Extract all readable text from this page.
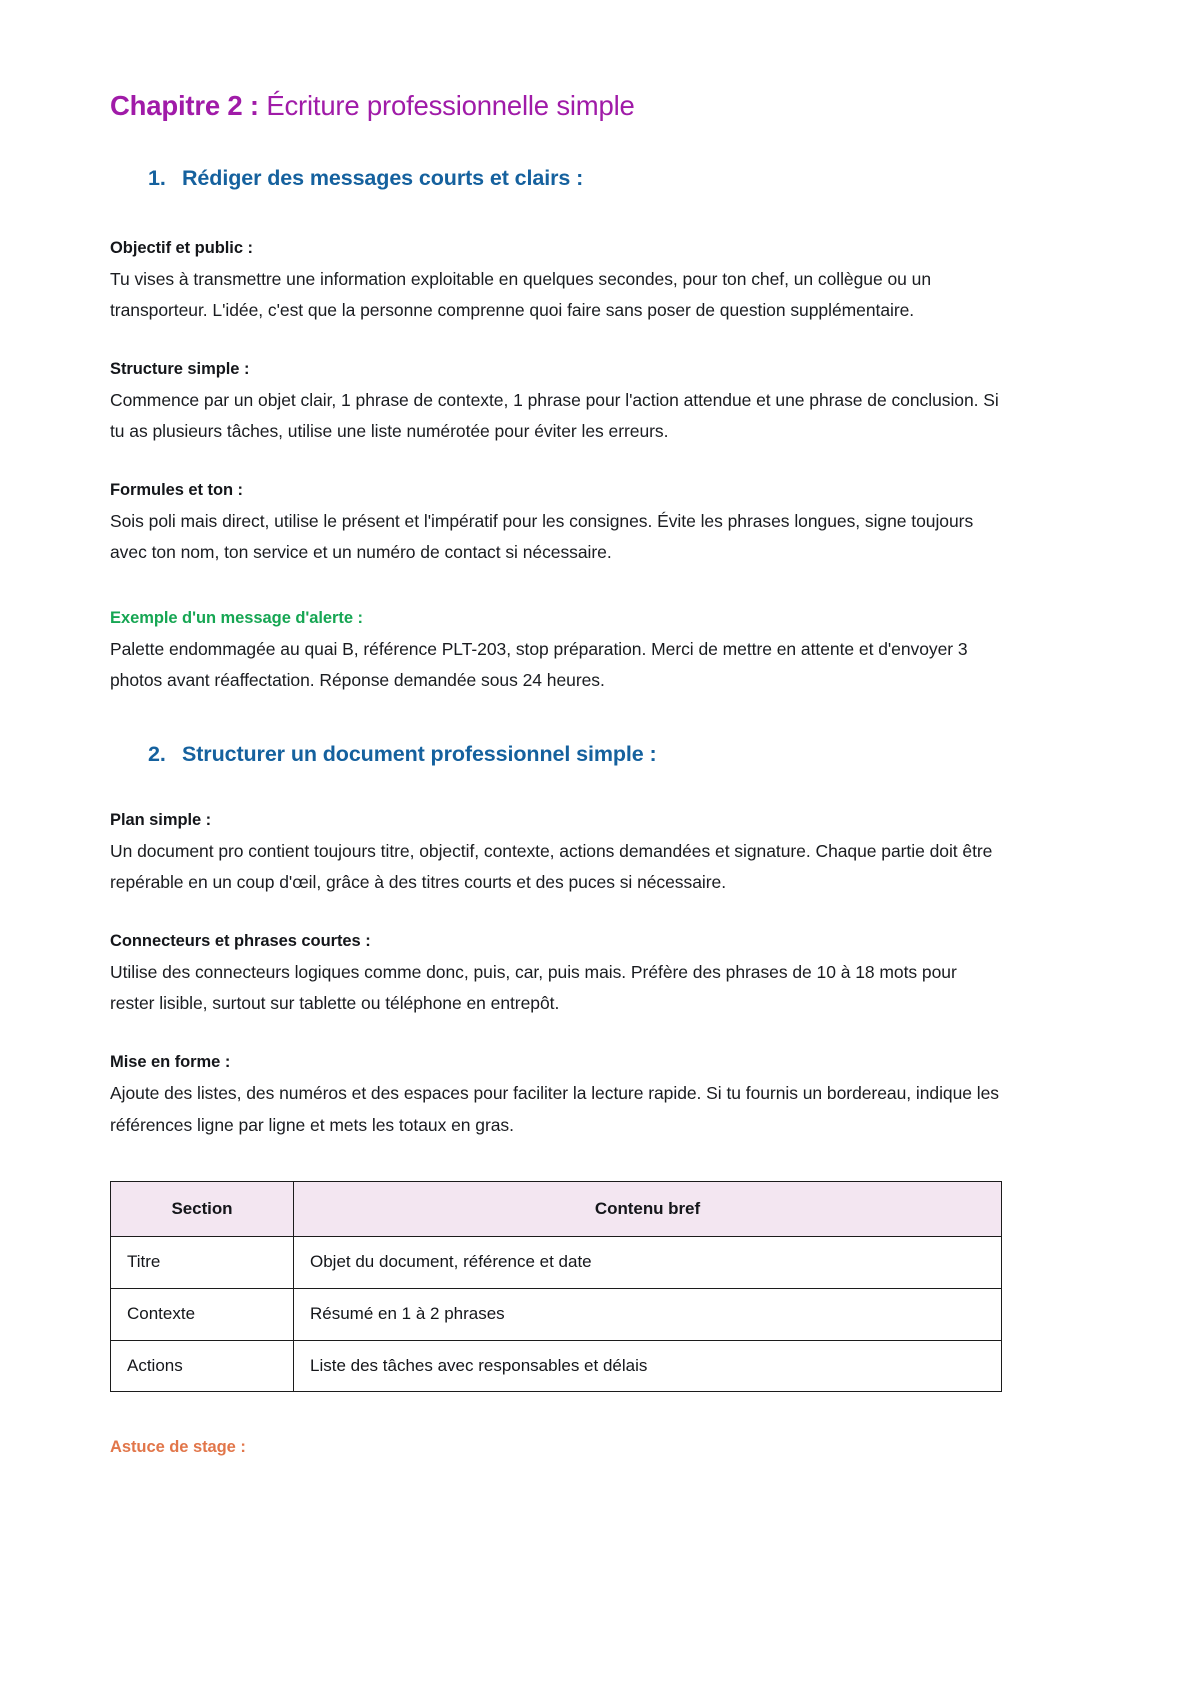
Chapitre 2 : Écriture professionnelle simple
1. Rédiger des messages courts et clairs :

Objectif et public :

Tu vises à transmettre une information exploitable en quelques secondes, pour ton chef, un collègue ou un transporteur. L'idée, c'est que la personne comprenne quoi faire sans poser de question supplémentaire.

Structure simple :

Commence par un objet clair, 1 phrase de contexte, 1 phrase pour l'action attendue et une phrase de conclusion. Si tu as plusieurs tâches, utilise une liste numérotée pour éviter les erreurs.

Formules et ton :

Sois poli mais direct, utilise le présent et l'impératif pour les consignes. Évite les phrases longues, signe toujours avec ton nom, ton service et un numéro de contact si nécessaire.

Exemple d'un message d'alerte :

Palette endommagée au quai B, référence PLT-203, stop préparation. Merci de mettre en attente et d'envoyer 3 photos avant réaffectation. Réponse demandée sous 24 heures.

2. Structurer un document professionnel simple :

Plan simple :

Un document pro contient toujours titre, objectif, contexte, actions demandées et signature. Chaque partie doit être repérable en un coup d'œil, grâce à des titres courts et des puces si nécessaire.

Connecteurs et phrases courtes :

Utilise des connecteurs logiques comme donc, puis, car, puis mais. Préfère des phrases de 10 à 18 mots pour rester lisible, surtout sur tablette ou téléphone en entrepôt.

Mise en forme :

Ajoute des listes, des numéros et des espaces pour faciliter la lecture rapide. Si tu fournis un bordereau, indique les références ligne par ligne et mets les totaux en gras.

Section	Contenu bref
Titre	Objet du document, référence et date
Contexte	Résumé en 1 à 2 phrases
Actions	Liste des tâches avec responsables et délais

Astuce de stage :
